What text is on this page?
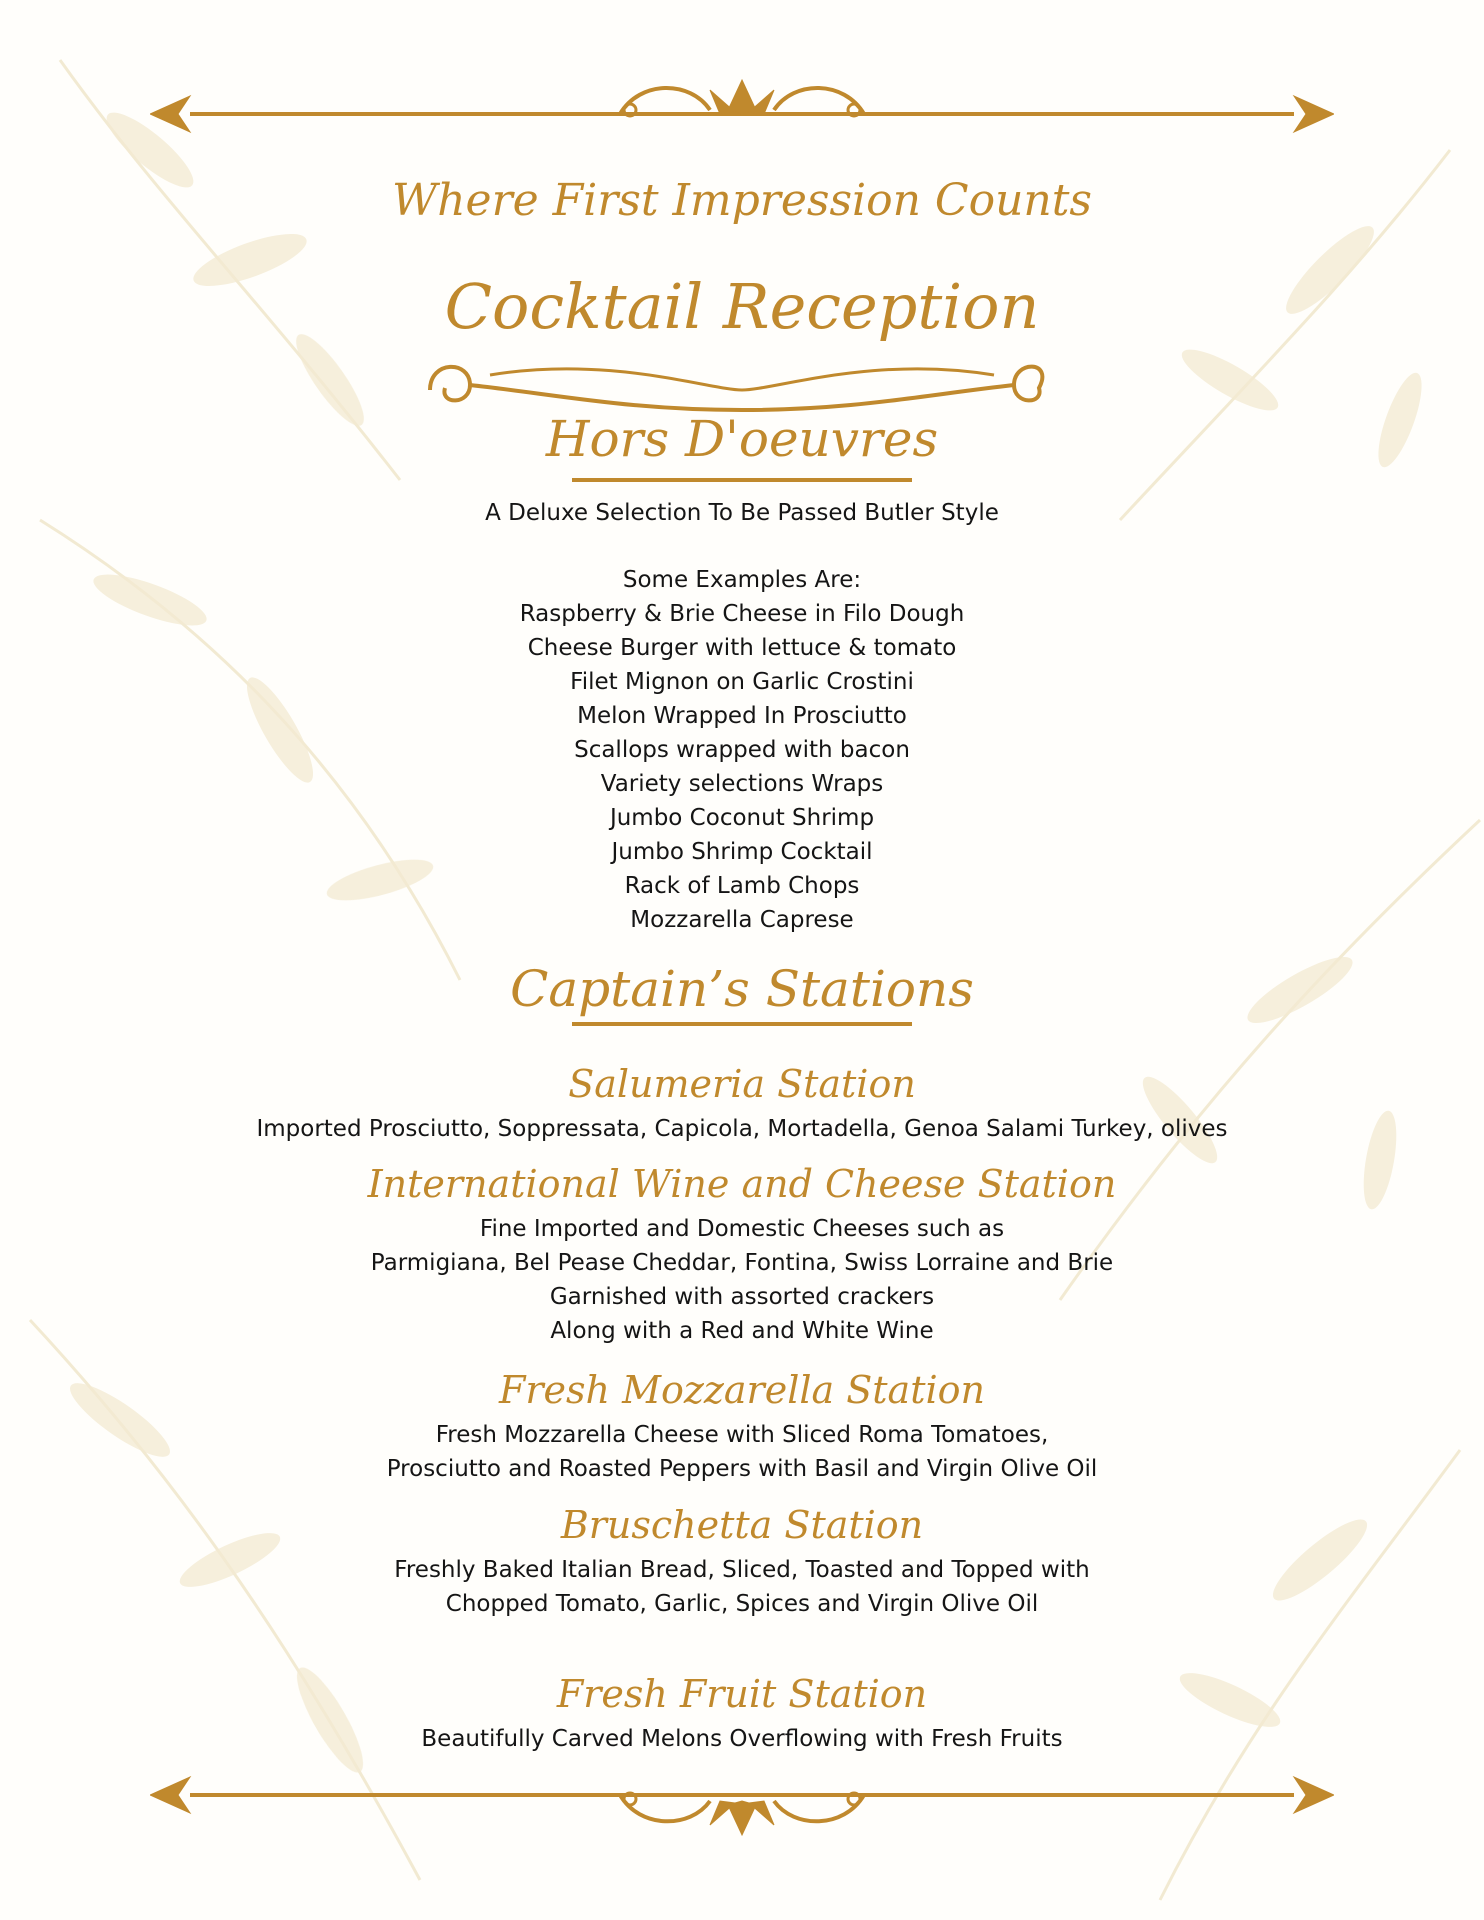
Where First Impression Counts
Cocktail Reception
Hors D'oeuvres
A Deluxe Selection To Be Passed Butler Style
Some Examples Are:
Raspberry & Brie Cheese in Filo Dough
Cheese Burger with lettuce & tomato
Filet Mignon on Garlic Crostini
Melon Wrapped In Prosciutto
Scallops wrapped with bacon
Variety selections Wraps
Jumbo Coconut Shrimp
Jumbo Shrimp Cocktail
Rack of Lamb Chops
Mozzarella Caprese
Captain’s Stations
Salumeria Station
Imported Prosciutto, Soppressata, Capicola, Mortadella, Genoa Salami Turkey, olives
International Wine and Cheese Station
Fine Imported and Domestic Cheeses such as
Parmigiana, Bel Pease Cheddar, Fontina, Swiss Lorraine and Brie
Garnished with assorted crackers
Along with a Red and White Wine
Fresh Mozzarella Station
Fresh Mozzarella Cheese with Sliced Roma Tomatoes,
Prosciutto and Roasted Peppers with Basil and Virgin Olive Oil
Bruschetta Station
Freshly Baked Italian Bread, Sliced, Toasted and Topped with
Chopped Tomato, Garlic, Spices and Virgin Olive Oil
Fresh Fruit Station
Beautifully Carved Melons Overflowing with Fresh Fruits
